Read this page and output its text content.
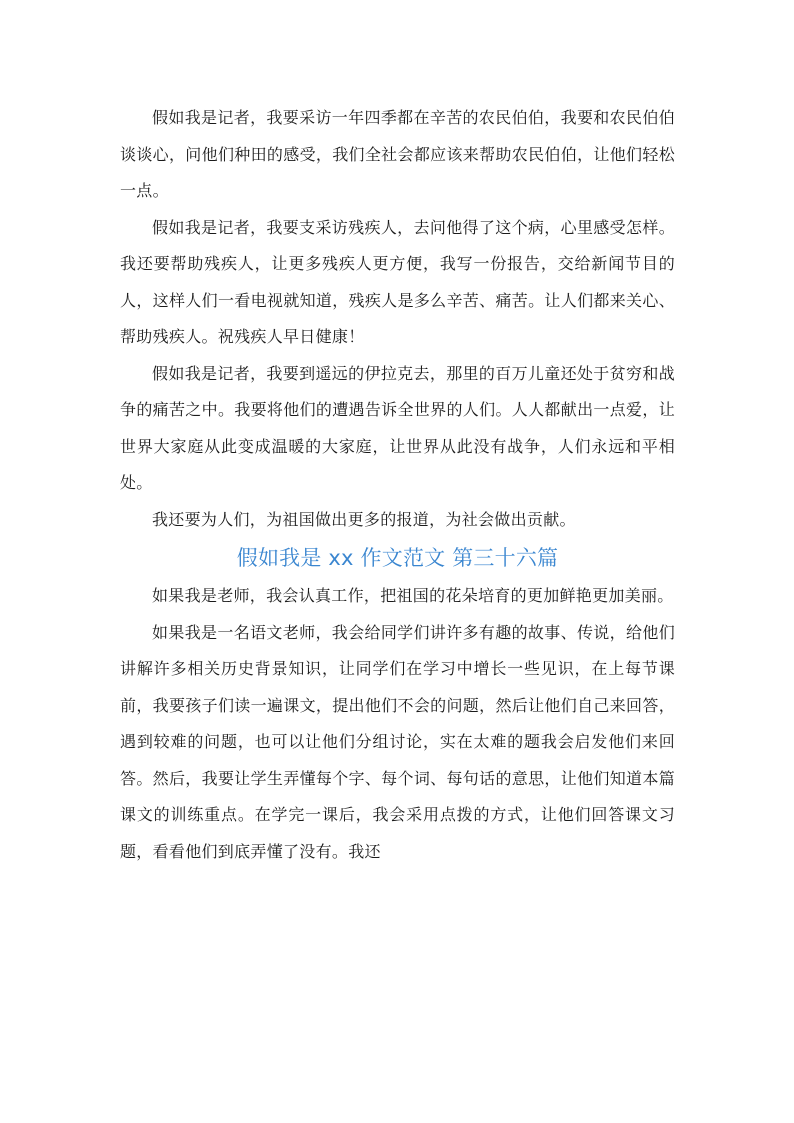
假如我是记者，我要采访一年四季都在辛苦的农民伯伯，我要和农民伯伯谈谈心，问他们种田的感受，我们全社会都应该来帮助农民伯伯，让他们轻松一点。

假如我是记者，我要支采访残疾人，去问他得了这个病，心里感受怎样。我还要帮助残疾人，让更多残疾人更方便，我写一份报告，交给新闻节目的人，这样人们一看电视就知道，残疾人是多么辛苦、痛苦。让人们都来关心、帮助残疾人。祝残疾人早日健康！

假如我是记者，我要到遥远的伊拉克去，那里的百万儿童还处于贫穷和战争的痛苦之中。我要将他们的遭遇告诉全世界的人们。人人都献出一点爱，让世界大家庭从此变成温暖的大家庭，让世界从此没有战争，人们永远和平相处。

我还要为人们，为祖国做出更多的报道，为社会做出贡献。

假如我是 xx 作文范文 第三十六篇

如果我是老师，我会认真工作，把祖国的花朵培育的更加鲜艳更加美丽。

如果我是一名语文老师，我会给同学们讲许多有趣的故事、传说，给他们讲解许多相关历史背景知识，让同学们在学习中增长一些见识，在上每节课前，我要孩子们读一遍课文，提出他们不会的问题，然后让他们自己来回答，遇到较难的问题，也可以让他们分组讨论，实在太难的题我会启发他们来回答。然后，我要让学生弄懂每个字、每个词、每句话的意思，让他们知道本篇课文的训练重点。在学完一课后，我会采用点拨的方式，让他们回答课文习题，看看他们到底弄懂了没有。我还
